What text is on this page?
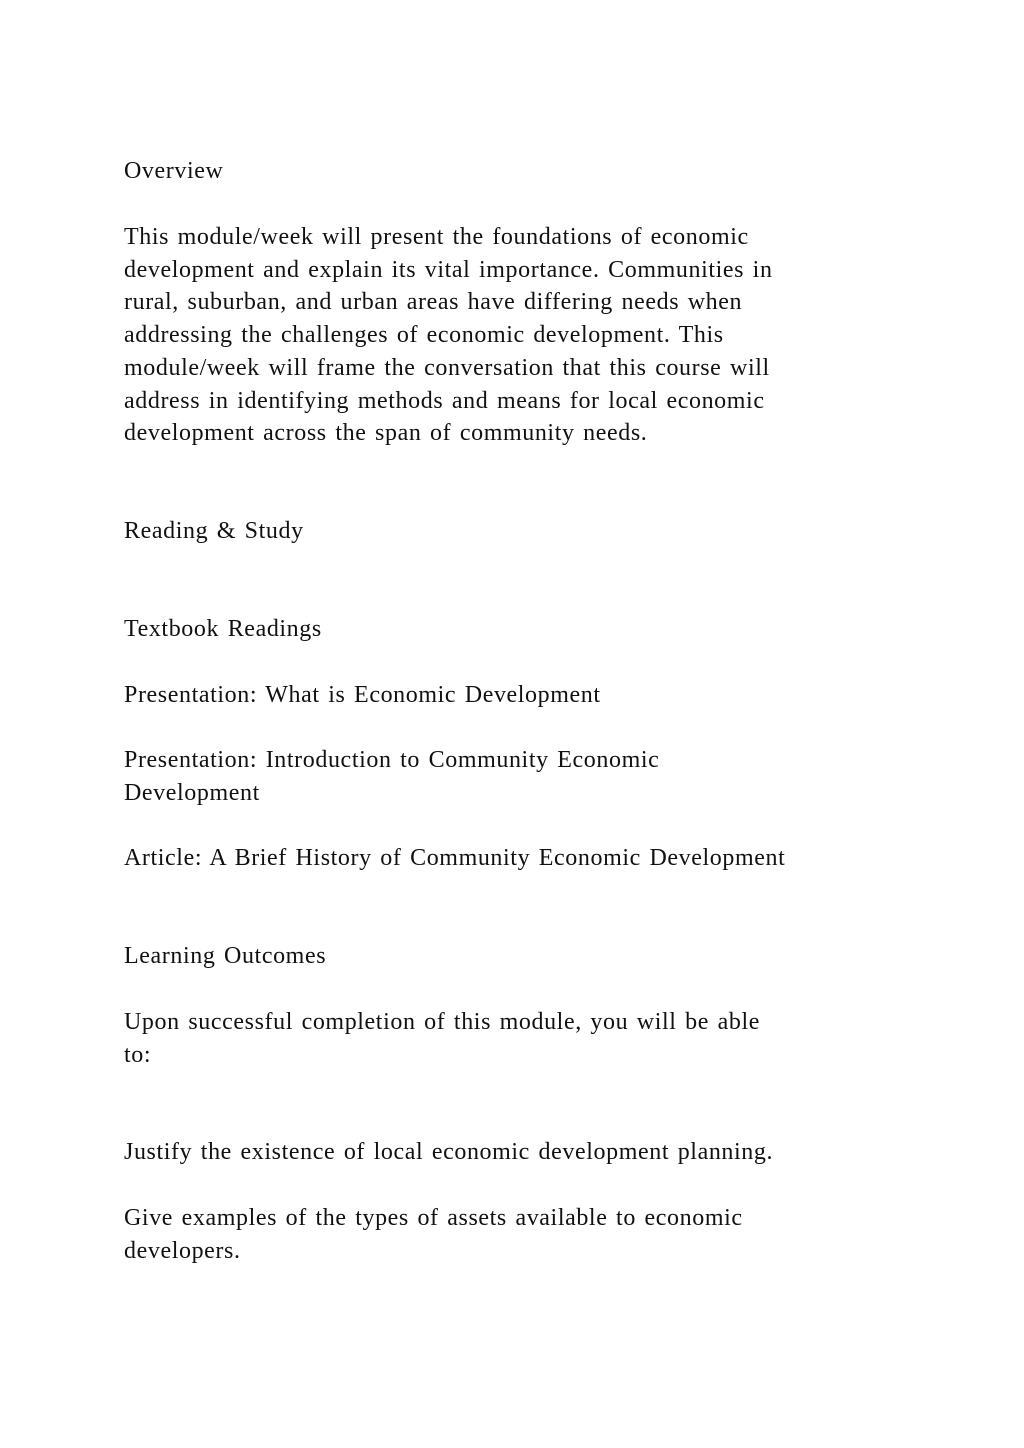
Overview

This module/week will present the foundations of economic
development and explain its vital importance. Communities in
rural, suburban, and urban areas have differing needs when
addressing the challenges of economic development. This
module/week will frame the conversation that this course will
address in identifying methods and means for local economic
development across the span of community needs.

Reading & Study

Textbook Readings

Presentation: What is Economic Development

Presentation: Introduction to Community Economic
Development

Article: A Brief History of Community Economic Development

Learning Outcomes

Upon successful completion of this module, you will be able
to:

Justify the existence of local economic development planning.

Give examples of the types of assets available to economic
developers.
